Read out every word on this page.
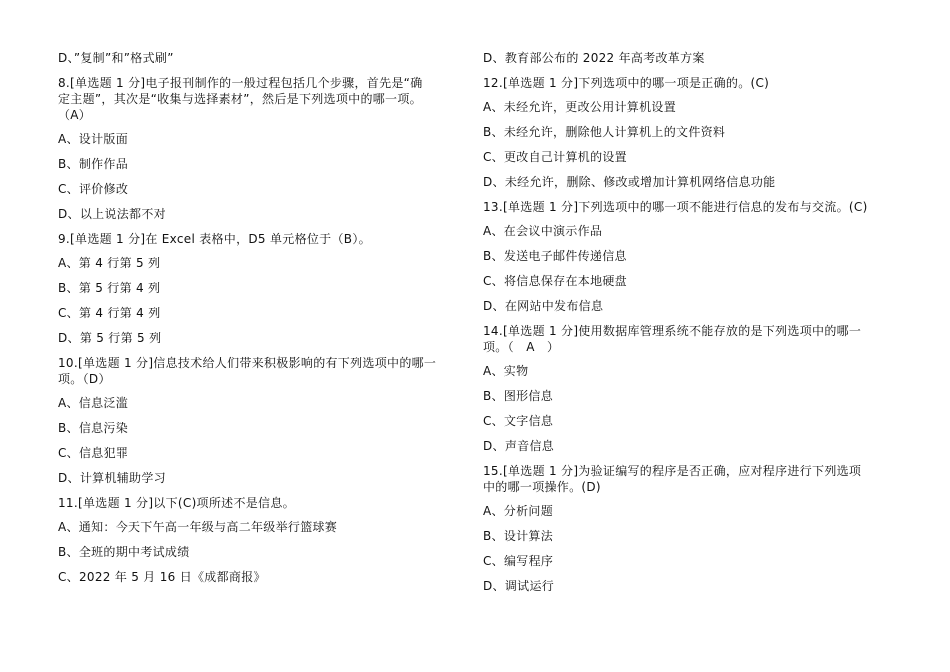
D、”复制”和”格式刷”
8.[单选题 1 分]电子报刊制作的一般过程包括几个步骤，首先是“确
定主题”，其次是“收集与选择素材”，然后是下列选项中的哪一项。
（A）
A、设计版面
B、制作作品
C、评价修改
D、以上说法都不对
9.[单选题 1 分]在 Excel 表格中，D5 单元格位于（B）。
A、第 4 行第 5 列
B、第 5 行第 4 列
C、第 4 行第 4 列
D、第 5 行第 5 列
10.[单选题 1 分]信息技术给人们带来积极影响的有下列选项中的哪一
项。（D）
A、信息泛滥
B、信息污染
C、信息犯罪
D、计算机辅助学习
11.[单选题 1 分]以下(C)项所述不是信息。
A、通知：今天下午高一年级与高二年级举行篮球赛
B、全班的期中考试成绩
C、2022 年 5 月 16 日《成都商报》
D、教育部公布的 2022 年高考改革方案
12.[单选题 1 分]下列选项中的哪一项是正确的。(C)
A、未经允许，更改公用计算机设置
B、未经允许，删除他人计算机上的文件资料
C、更改自己计算机的设置
D、未经允许，删除、修改或增加计算机网络信息功能
13.[单选题 1 分]下列选项中的哪一项不能进行信息的发布与交流。(C)
A、在会议中演示作品
B、发送电子邮件传递信息
C、将信息保存在本地硬盘
D、在网站中发布信息
14.[单选题 1 分]使用数据库管理系统不能存放的是下列选项中的哪一
项。（　A　）
A、实物
B、图形信息
C、文字信息
D、声音信息
15.[单选题 1 分]为验证编写的程序是否正确，应对程序进行下列选项
中的哪一项操作。(D)
A、分析问题
B、设计算法
C、编写程序
D、调试运行
